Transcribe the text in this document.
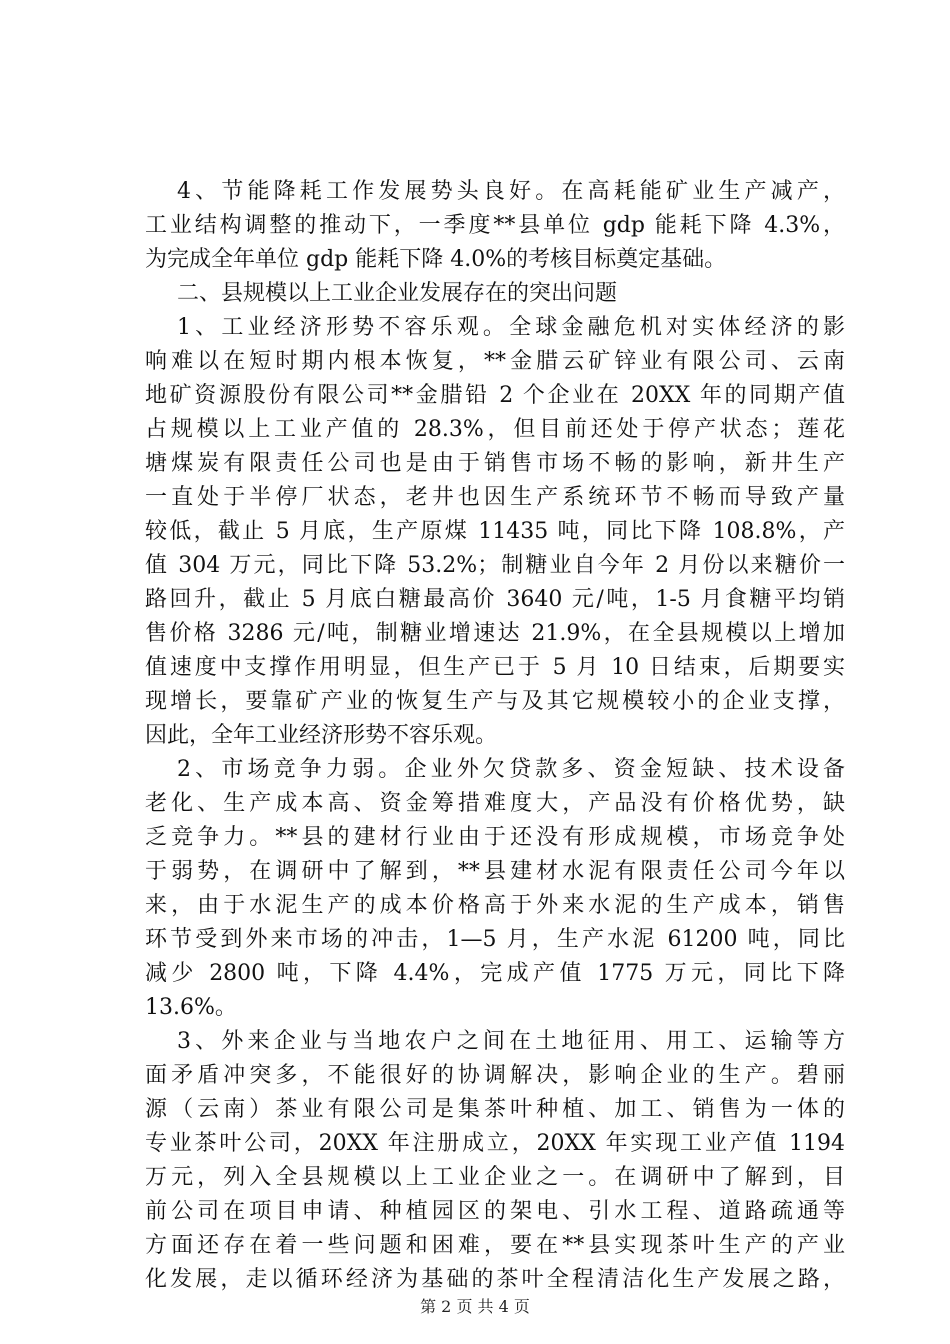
4、节能降耗工作发展势头良好。在高耗能矿业生产减产，
工业结构调整的推动下，一季度**县单位 gdp 能耗下降 4.3%，
为完成全年单位 gdp 能耗下降 4.0%的考核目标奠定基础。
二、县规模以上工业企业发展存在的突出问题
1、工业经济形势不容乐观。全球金融危机对实体经济的影
响难以在短时期内根本恢复，**金腊云矿锌业有限公司、云南
地矿资源股份有限公司**金腊铅 2 个企业在 20XX 年的同期产值
占规模以上工业产值的 28.3%，但目前还处于停产状态；莲花
塘煤炭有限责任公司也是由于销售市场不畅的影响，新井生产
一直处于半停厂状态，老井也因生产系统环节不畅而导致产量
较低，截止 5 月底，生产原煤 11435 吨，同比下降 108.8%，产
值 304 万元，同比下降 53.2%；制糖业自今年 2 月份以来糖价一
路回升，截止 5 月底白糖最高价 3640 元/吨，1-5 月食糖平均销
售价格 3286 元/吨，制糖业增速达 21.9%，在全县规模以上增加
值速度中支撑作用明显，但生产已于 5 月 10 日结束，后期要实
现增长，要靠矿产业的恢复生产与及其它规模较小的企业支撑，
因此，全年工业经济形势不容乐观。
2、市场竞争力弱。企业外欠贷款多、资金短缺、技术设备
老化、生产成本高、资金筹措难度大，产品没有价格优势，缺
乏竞争力。**县的建材行业由于还没有形成规模，市场竞争处
于弱势，在调研中了解到，**县建材水泥有限责任公司今年以
来，由于水泥生产的成本价格高于外来水泥的生产成本，销售
环节受到外来市场的冲击，1—5 月，生产水泥 61200 吨，同比
减少 2800 吨，下降 4.4%，完成产值 1775 万元，同比下降
13.6%。
3、外来企业与当地农户之间在土地征用、用工、运输等方
面矛盾冲突多，不能很好的协调解决，影响企业的生产。碧丽
源（云南）茶业有限公司是集茶叶种植、加工、销售为一体的
专业茶叶公司，20XX 年注册成立，20XX 年实现工业产值 1194
万元，列入全县规模以上工业企业之一。在调研中了解到，目
前公司在项目申请、种植园区的架电、引水工程、道路疏通等
方面还存在着一些问题和困难，要在**县实现茶叶生产的产业
化发展，走以循环经济为基础的茶叶全程清洁化生产发展之路，
第 2 页 共 4 页
